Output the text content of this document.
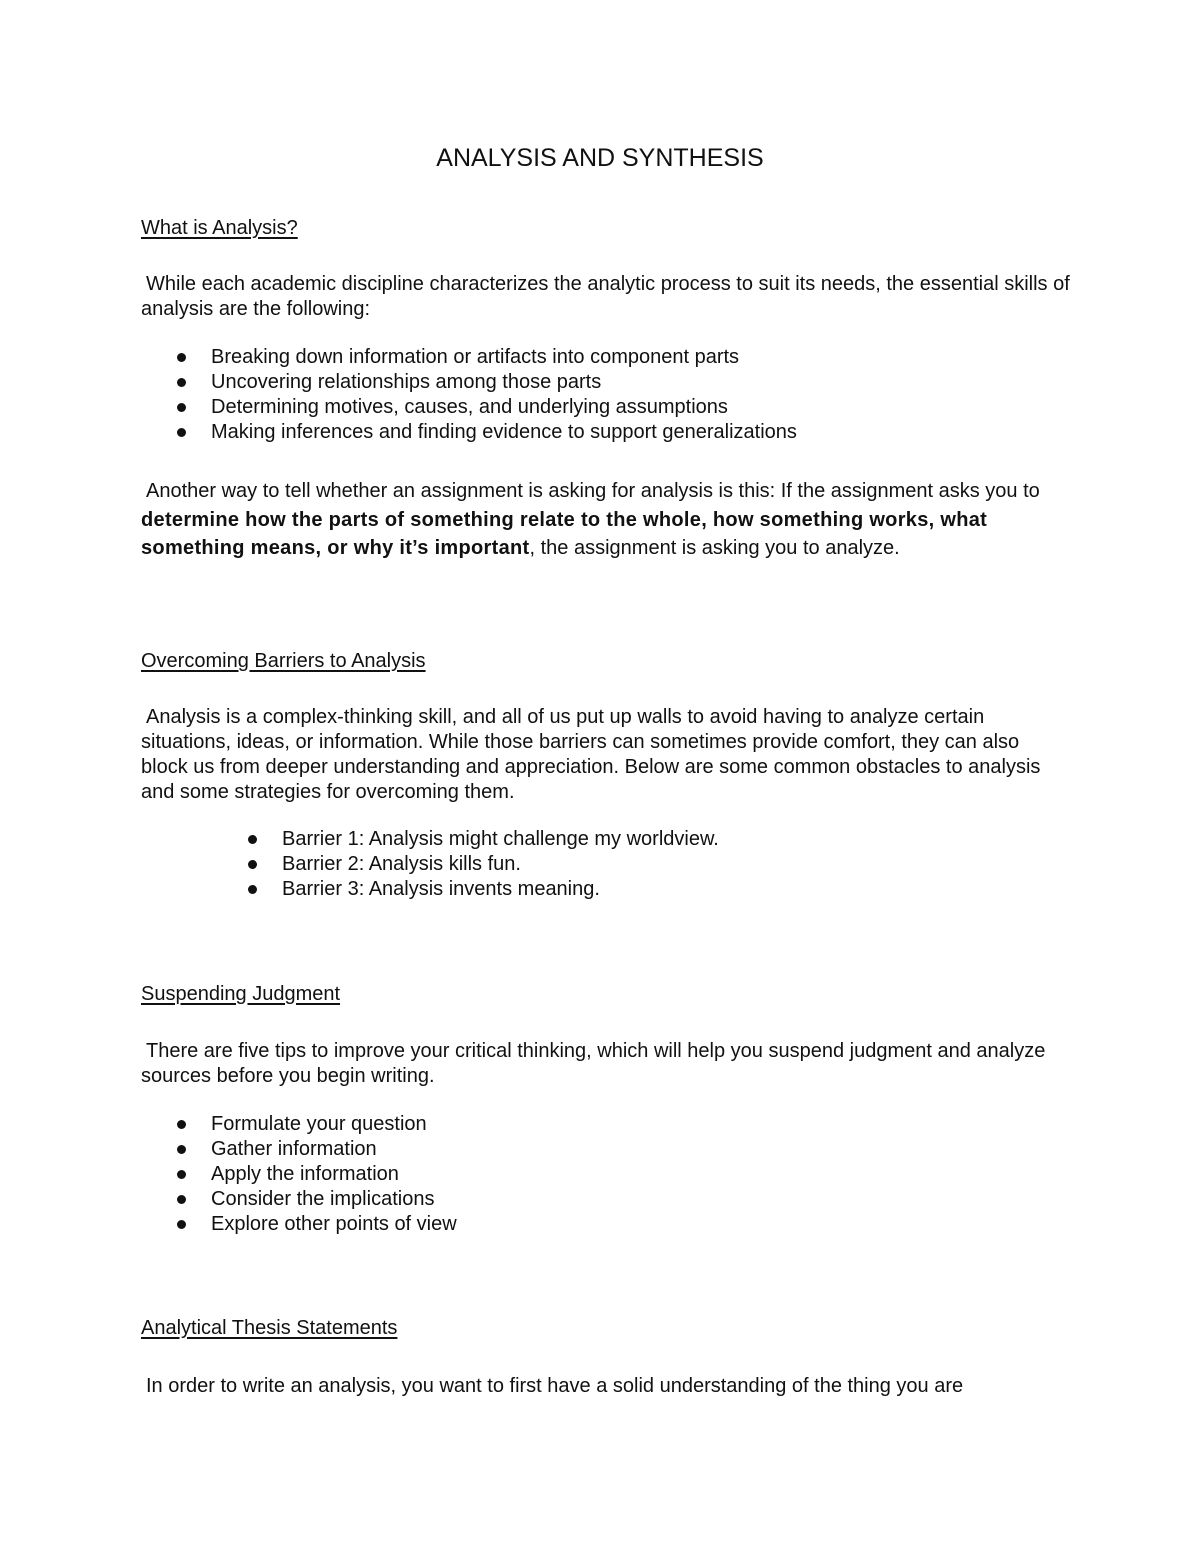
ANALYSIS AND SYNTHESIS
What is Analysis?

While each academic discipline characterizes the analytic process to suit its needs, the essential skills of analysis are the following:

Breaking down information or artifacts into component parts
Uncovering relationships among those parts
Determining motives, causes, and underlying assumptions
Making inferences and finding evidence to support generalizations

Another way to tell whether an assignment is asking for analysis is this: If the assignment asks you to determine how the parts of something relate to the whole, how something works, what something means, or why it’s important, the assignment is asking you to analyze.

Overcoming Barriers to Analysis

Analysis is a complex-thinking skill, and all of us put up walls to avoid having to analyze certain situations, ideas, or information. While those barriers can sometimes provide comfort, they can also block us from deeper understanding and appreciation. Below are some common obstacles to analysis and some strategies for overcoming them.

Barrier 1: Analysis might challenge my worldview.
Barrier 2: Analysis kills fun.
Barrier 3: Analysis invents meaning.
Suspending Judgment

There are five tips to improve your critical thinking, which will help you suspend judgment and analyze sources before you begin writing.

Formulate your question
Gather information
Apply the information
Consider the implications
Explore other points of view
Analytical Thesis Statements

In order to write an analysis, you want to first have a solid understanding of the thing you are
